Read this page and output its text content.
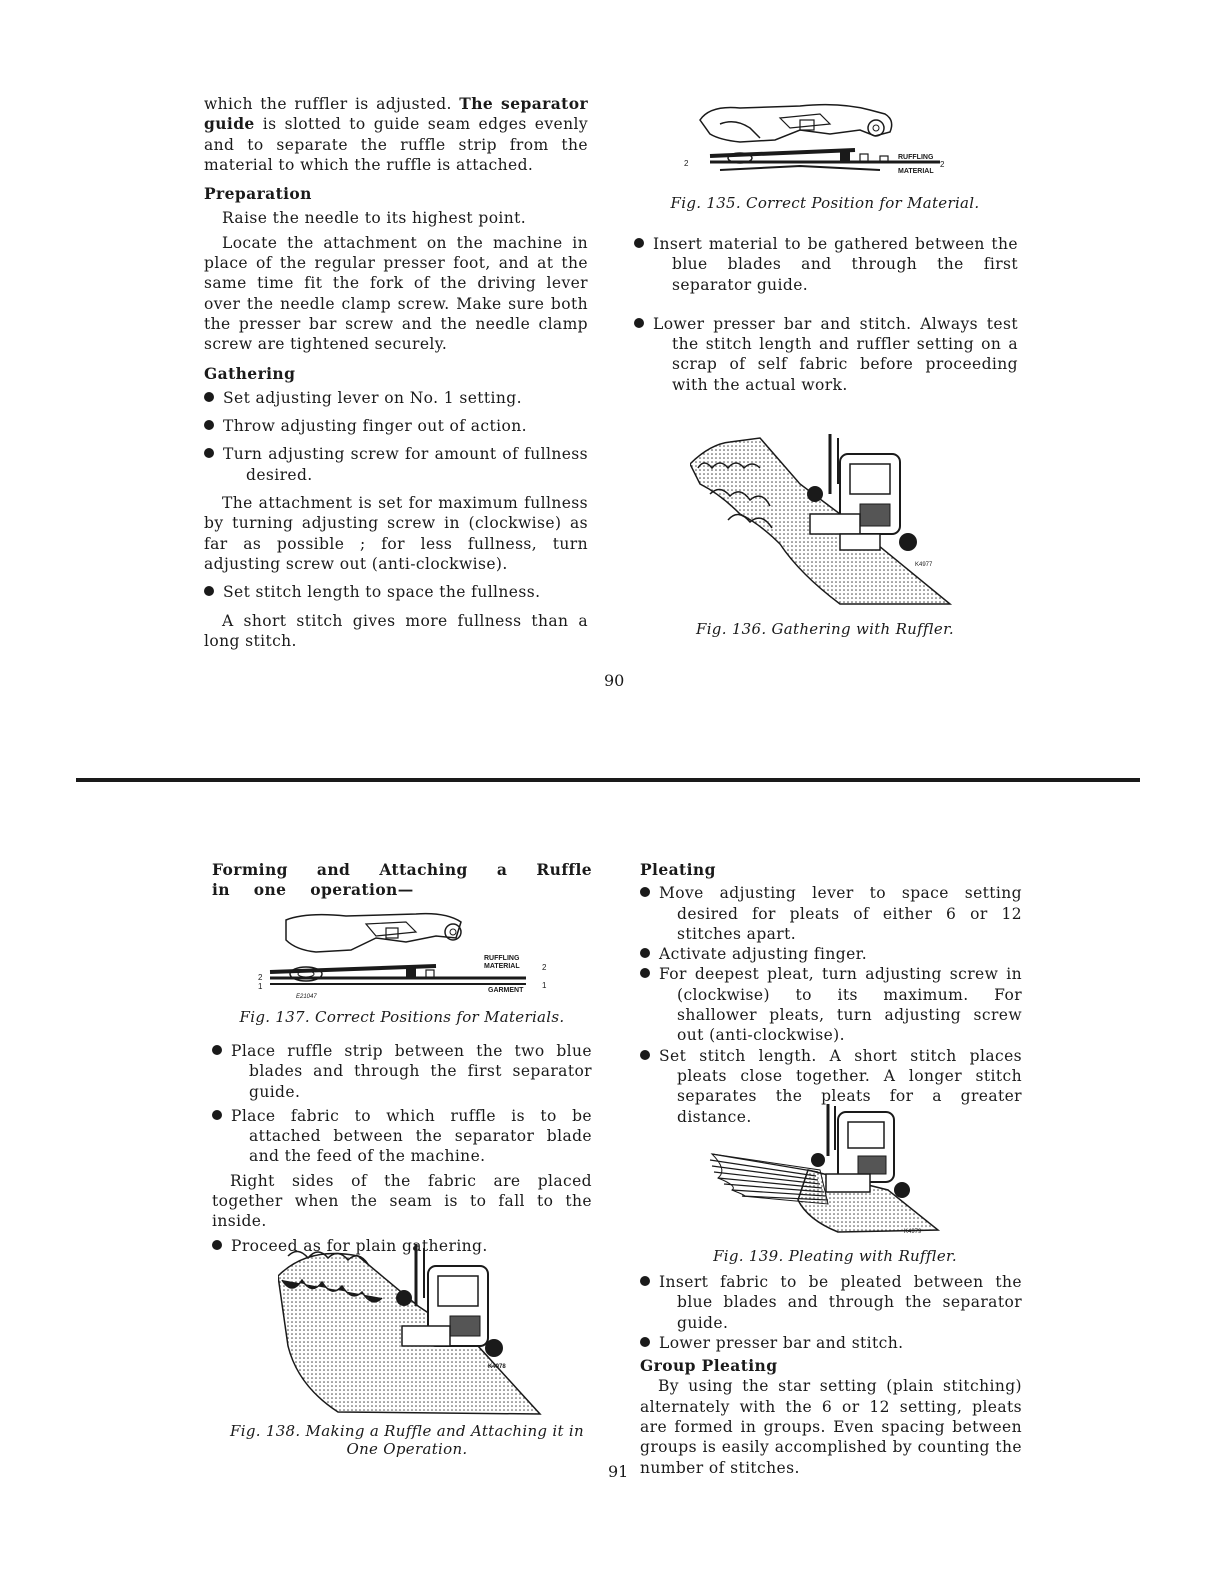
which the ruffler is adjusted. The separator guide is slotted to guide seam edges evenly and to separate the ruffle strip from the material to which the ruffle is attached.

Preparation

Raise the needle to its highest point.

Locate the attachment on the machine in place of the regular presser foot, and at the same time fit the fork of the driving lever over the needle clamp screw. Make sure both the presser bar screw and the needle clamp screw are tightened securely.

Gathering

Set adjusting lever on No. 1 setting.

Throw adjusting finger out of action.

Turn adjusting screw for amount of fullness desired.

The attachment is set for maximum fullness by turning adjusting screw in (clockwise) as far as possible ; for less fullness, turn adjusting screw out (anti-clockwise).

Set stitch length to space the fullness.

A short stitch gives more fullness than a long stitch.

2
RUFFLING
MATERIAL
2
Fig. 135. Correct Position for Material.

Insert material to be gathered between the blue blades and through the first separator guide.

Lower presser bar and stitch. Always test the stitch length and ruffler setting on a scrap of self fabric before proceeding with the actual work.

K4977
Fig. 136. Gathering with Ruffler.
90

Forming and Attaching a Ruffle in one operation—

2
1
RUFFLING
MATERIAL	2
GARMENT
1
E21047
Fig. 137. Correct Positions for Materials.

Place ruffle strip between the two blue blades and through the first separator guide.

Place fabric to which ruffle is to be attached between the separator blade and the feed of the machine.

Right sides of the fabric are placed together when the seam is to fall to the inside.

Proceed as for plain gathering.

K4978
Fig. 138. Making a Ruffle and Attaching it in One Operation.

Pleating

Move adjusting lever to space setting desired for pleats of either 6 or 12 stitches apart.

Activate adjusting finger.

For deepest pleat, turn adjusting screw in (clockwise) to its maximum. For shallower pleats, turn adjusting screw out (anti-clockwise).

Set stitch length. A short stitch places pleats close together. A longer stitch separates the pleats for a greater distance.

K4979
Fig. 139. Pleating with Ruffler.

Insert fabric to be pleated between the blue blades and through the separator guide.

Lower presser bar and stitch.

Group Pleating

By using the star setting (plain stitching) alternately with the 6 or 12 setting, pleats are formed in groups. Even spacing between groups is easily accomplished by counting the number of stitches.

91
